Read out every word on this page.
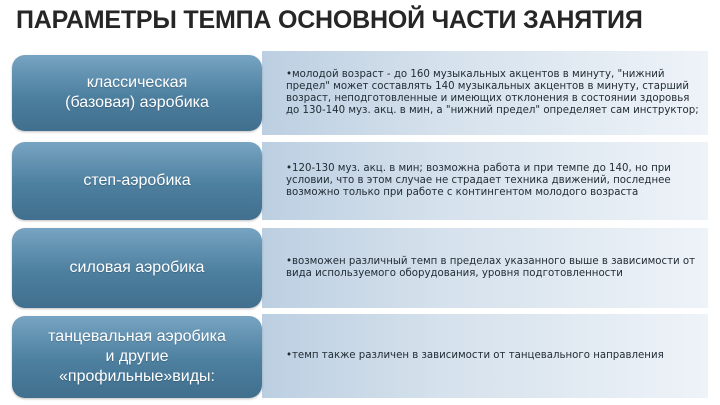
ПАРАМЕТРЫ ТЕМПА ОСНОВНОЙ ЧАСТИ ЗАНЯТИЯ
•молодой возраст - до 160 музыкальных акцентов в минуту, "нижний предел" может составлять 140 музыкальных акцентов в минуту, старший возраст, неподготовленные и имеющих отклонения в состоянии здоровья до 130-140 муз. акц. в мин, а "нижний предел" определяет сам инструктор;
классическая
(базовая) аэробика
•120-130 муз. акц. в мин; возможна работа и при темпе до 140, но при условии, что в этом случае не страдает техника движений, последнее возможно только при работе с контингентом молодого возраста
степ-аэробика
•возможен различный темп в пределах указанного выше в зависимости от вида используемого оборудования, уровня подготовленности
силовая аэробика
•темп также различен в зависимости от танцевального направления
танцевальная аэробика
и другие
«профильные»виды:
